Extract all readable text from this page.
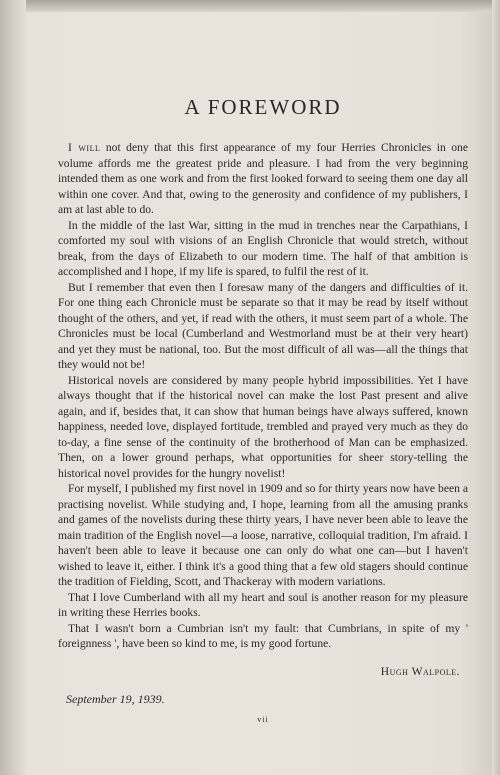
A FOREWORD

I will not deny that this first appearance of my four Herries Chronicles in one volume affords me the greatest pride and pleasure. I had from the very beginning intended them as one work and from the first looked forward to seeing them one day all within one cover. And that, owing to the generosity and confidence of my publishers, I am at last able to do.

In the middle of the last War, sitting in the mud in trenches near the Carpathians, I comforted my soul with visions of an English Chronicle that would stretch, without break, from the days of Elizabeth to our modern time. The half of that ambition is accomplished and I hope, if my life is spared, to fulfil the rest of it.

But I remember that even then I foresaw many of the dangers and difficulties of it. For one thing each Chronicle must be separate so that it may be read by itself without thought of the others, and yet, if read with the others, it must seem part of a whole. The Chronicles must be local (Cumberland and Westmorland must be at their very heart) and yet they must be national, too. But the most difficult of all was—all the things that they would not be!

Historical novels are considered by many people hybrid impossibilities. Yet I have always thought that if the historical novel can make the lost Past present and alive again, and if, besides that, it can show that human beings have always suffered, known happiness, needed love, displayed fortitude, trembled and prayed very much as they do to-day, a fine sense of the continuity of the brotherhood of Man can be emphasized. Then, on a lower ground perhaps, what opportunities for sheer story-telling the historical novel provides for the hungry novelist!

For myself, I published my first novel in 1909 and so for thirty years now have been a practising novelist. While studying and, I hope, learning from all the amusing pranks and games of the novelists during these thirty years, I have never been able to leave the main tradition of the English novel—a loose, narrative, colloquial tradition, I'm afraid. I haven't been able to leave it because one can only do what one can—but I haven't wished to leave it, either. I think it's a good thing that a few old stagers should continue the tradition of Fielding, Scott, and Thackeray with modern variations.

That I love Cumberland with all my heart and soul is another reason for my pleasure in writing these Herries books.

That I wasn't born a Cumbrian isn't my fault: that Cumbrians, in spite of my ' foreignness ', have been so kind to me, is my good fortune.

Hugh Walpole.
September 19, 1939.
vii
